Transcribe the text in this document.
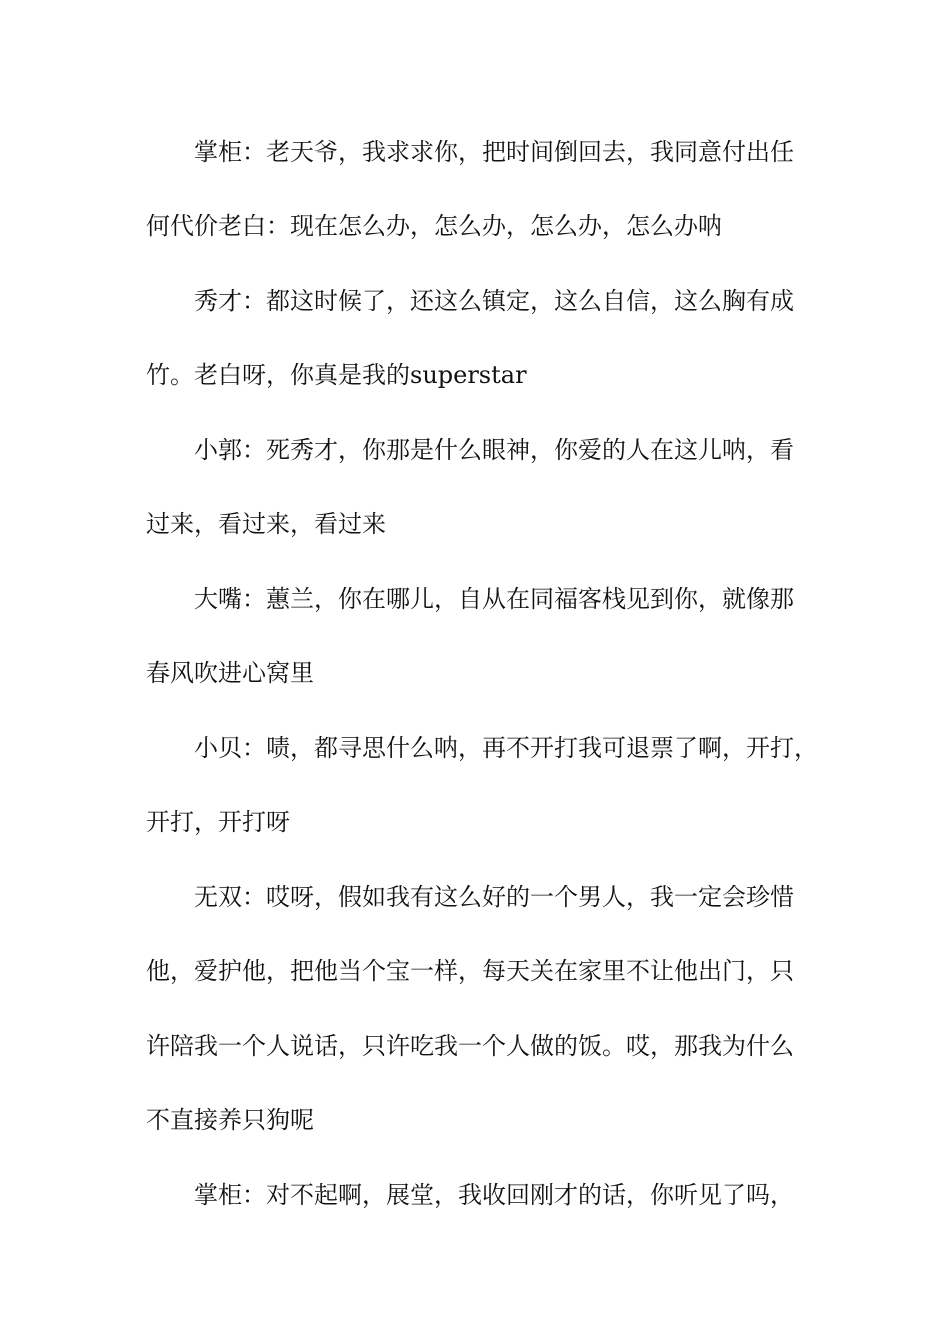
掌柜：老天爷，我求求你，把时间倒回去，我同意付出任
何代价老白：现在怎么办，怎么办，怎么办，怎么办呐
秀才：都这时候了，还这么镇定，这么自信，这么胸有成
竹。老白呀，你真是我的superstar
小郭：死秀才，你那是什么眼神，你爱的人在这儿呐，看
过来，看过来，看过来
大嘴：蕙兰，你在哪儿，自从在同福客栈见到你，就像那
春风吹进心窝里
小贝：啧，都寻思什么呐，再不开打我可退票了啊，开打，
开打，开打呀
无双：哎呀，假如我有这么好的一个男人，我一定会珍惜
他，爱护他，把他当个宝一样，每天关在家里不让他出门，只
许陪我一个人说话，只许吃我一个人做的饭。哎，那我为什么
不直接养只狗呢
掌柜：对不起啊，展堂，我收回刚才的话，你听见了吗，
